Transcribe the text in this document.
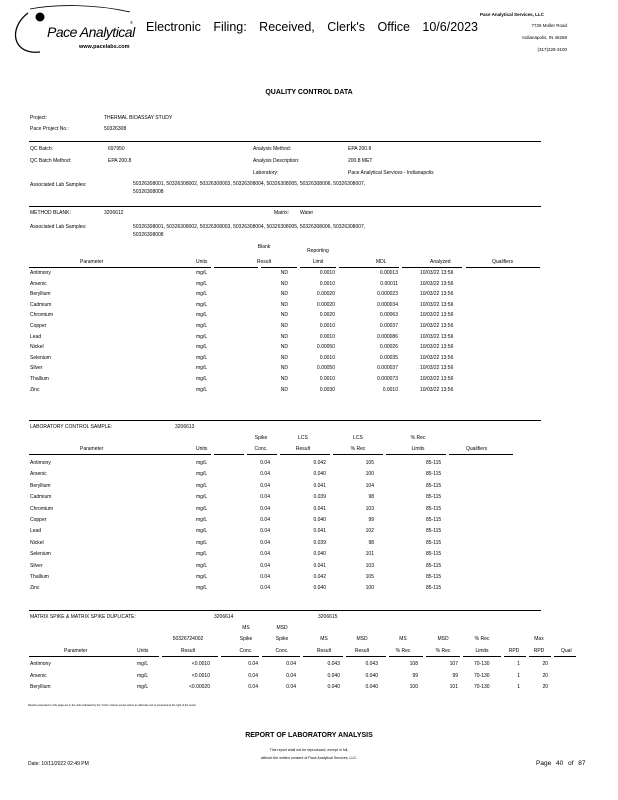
Pace Analytical
®
www.pacelabs.com
Electronic Filing: Received, Clerk's Office 10/6/2023
Pace Analytical Services, LLC
7726 Moller Road
Indianapolis, IN 46268
(317)228-3100
QUALITY CONTROL DATA
Project:	THERMAL BIOASSAY STUDY
Pace Project No.:	50326308
QC Batch:	697950	Analysis Method:	EPA 200.8
QC Batch Method:	EPA 200.8	Analysis Description:	200.8 MET
Laboratory:	Pace Analytical Services - Indianapolis
Associated Lab Samples:	50326308001, 50326308002, 50326308003, 50326308004, 50326308005, 50326308006, 50326308007,
50326308008
METHOD BLANK:	3206612	Matrix: Water
Associated Lab Samples:	50326308001, 50326308002, 50326308003, 50326308004, 50326308005, 50326308006, 50326308007,
50326308008
Parameter	Units
Blank
Result
Reporting
Limit	MDL	Analyzed	Qualifiers
Antimony	mg/L	ND	0.0010	0.00013	10/03/22 13:56
Arsenic	mg/L	ND	0.0010	0.00011	10/03/22 13:56
Beryllium	mg/L	ND	0.00020	0.000023	10/03/22 13:56
Cadmium	mg/L	ND	0.00020	0.000034	10/03/22 13:56
Chromium	mg/L	ND	0.0020	0.00063	10/03/22 13:56
Copper	mg/L	ND	0.0010	0.00037	10/03/22 13:56
Lead	mg/L	ND	0.0010	0.000086	10/03/22 13:56
Nickel	mg/L	ND	0.00050	0.00026	10/03/22 13:56
Selenium	mg/L	ND	0.0010	0.00035	10/03/22 13:56
Silver	mg/L	ND	0.00050	0.000037	10/03/22 13:56
Thallium	mg/L	ND	0.0010	0.000073	10/03/22 13:56
Zinc	mg/L	ND	0.0030	0.0010	10/03/22 13:56
LABORATORY CONTROL SAMPLE:	3206613
Parameter	Units
Spike
Conc.
LCS
Result
LCS
% Rec
% Rec
Limits	Qualifiers
Antimony	mg/L	0.04	0.042	105	85-115
Arsenic	mg/L	0.04	0.040	100	85-115
Beryllium	mg/L	0.04	0.041	104	85-115
Cadmium	mg/L	0.04	0.039	98	85-115
Chromium	mg/L	0.04	0.041	103	85-115
Copper	mg/L	0.04	0.040	99	85-115
Lead	mg/L	0.04	0.041	102	85-115
Nickel	mg/L	0.04	0.039	98	85-115
Selenium	mg/L	0.04	0.040	101	85-115
Silver	mg/L	0.04	0.041	103	85-115
Thallium	mg/L	0.04	0.042	105	85-115
Zinc	mg/L	0.04	0.040	100	85-115
MATRIX SPIKE & MATRIX SPIKE DUPLICATE:	3206614	3206615
Parameter	Units
50326724002
Result
MS
Spike
Conc.
MSD
Spike
Conc.
MS
Result
MSD
Result
MS
% Rec
MSD
% Rec
% Rec
Limits	RPD
Max
RPD	Qual
Antimony	mg/L	<0.0010	0.04	0.04	0.043	0.043	108	107	70-130	1	20
Arsenic	mg/L	<0.0010	0.04	0.04	0.040	0.040	99	99	70-130	1	20
Beryllium	mg/L	<0.00020	0.04	0.04	0.040	0.040	100	101	70-130	1	20
Results presented on this page are in the units indicated by the "Units" column except where an alternate unit is presented to the right of the result.
REPORT OF LABORATORY ANALYSIS
This report shall not be reproduced, except in full,
without the written consent of Pace Analytical Services, LLC.
Date: 10/11/2022 02:49 PM	Page 40 of 87
